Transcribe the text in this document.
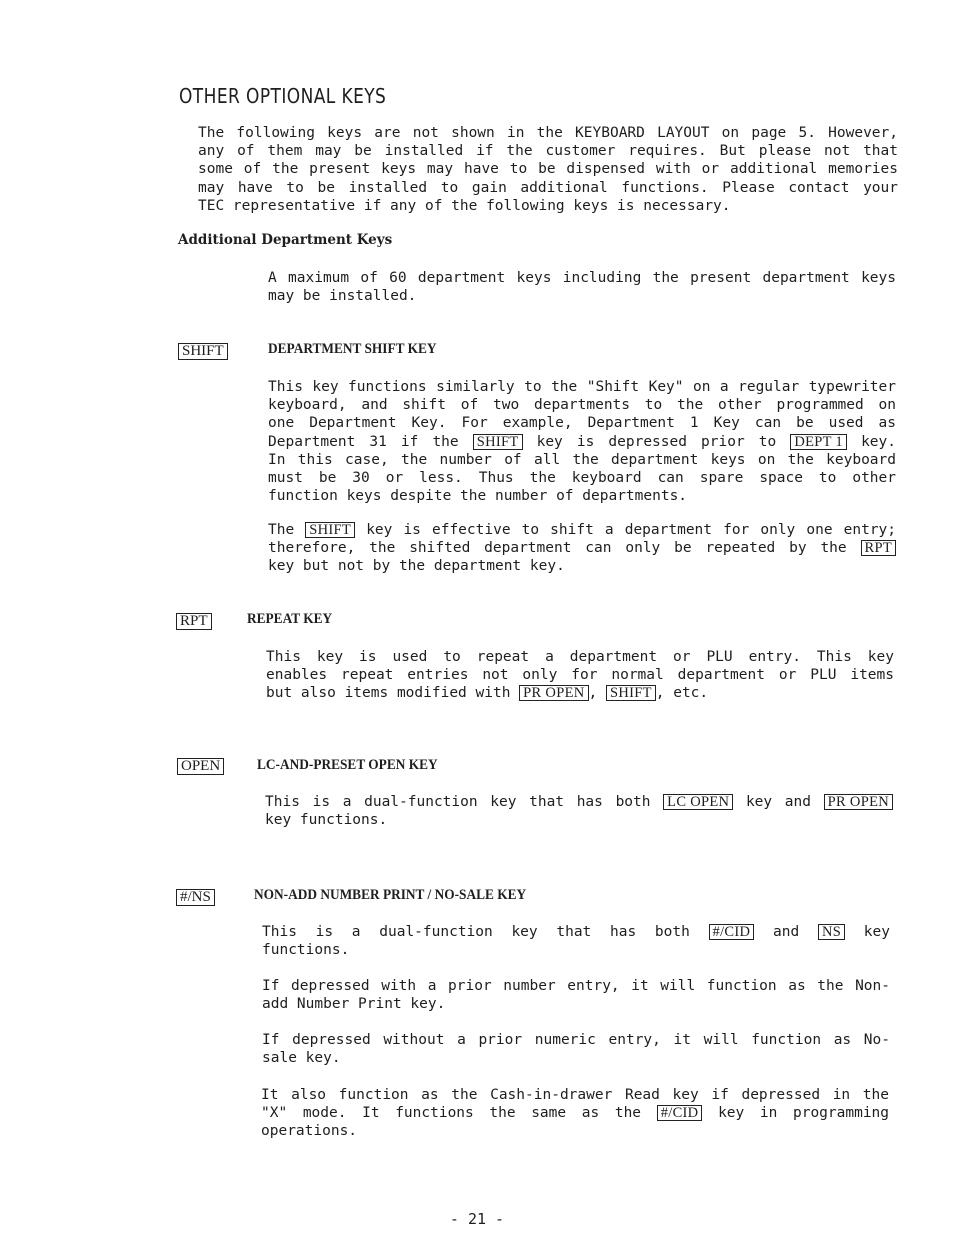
OTHER OPTIONAL KEYS
The following keys are not shown in the KEYBOARD LAYOUT on page 5. However,
any of them may be installed if the customer requires. But please not that
some of the present keys may have to be dispensed with or additional memories
may have to be installed to gain additional functions. Please contact your
TEC representative if any of the following keys is necessary.
Additional Department Keys
A maximum of 60 department keys including the present department keys
may be installed.
SHIFT	DEPARTMENT SHIFT KEY
This key functions similarly to the "Shift Key" on a regular typewriter
keyboard, and shift of two departments to the other programmed on
one Department Key. For example, Department 1 Key can be used as
Department 31 if the SHIFT key is depressed prior to DEPT 1 key.
In this case, the number of all the department keys on the keyboard
must be 30 or less. Thus the keyboard can spare space to other
function keys despite the number of departments.
The SHIFT key is effective to shift a department for only one entry;
therefore, the shifted department can only be repeated by the RPT
key but not by the department key.
RPT	REPEAT KEY
This key is used to repeat a department or PLU entry. This key
enables repeat entries not only for normal department or PLU items
but also items modified with PR OPEN , SHIFT , etc.
OPEN	LC-AND-PRESET OPEN KEY
This is a dual-function key that has both LC OPEN key and PR OPEN
key functions.
#/NS	NON-ADD NUMBER PRINT / NO-SALE KEY
This is a dual-function key that has both #/CID and NS key
functions.
If depressed with a prior number entry, it will function as the Non-
add Number Print key.
If depressed without a prior numeric entry, it will function as No-
sale key.
It also function as the Cash-in-drawer Read key if depressed in the
"X" mode. It functions the same as the #/CID key in programming
operations.
- 21 -
